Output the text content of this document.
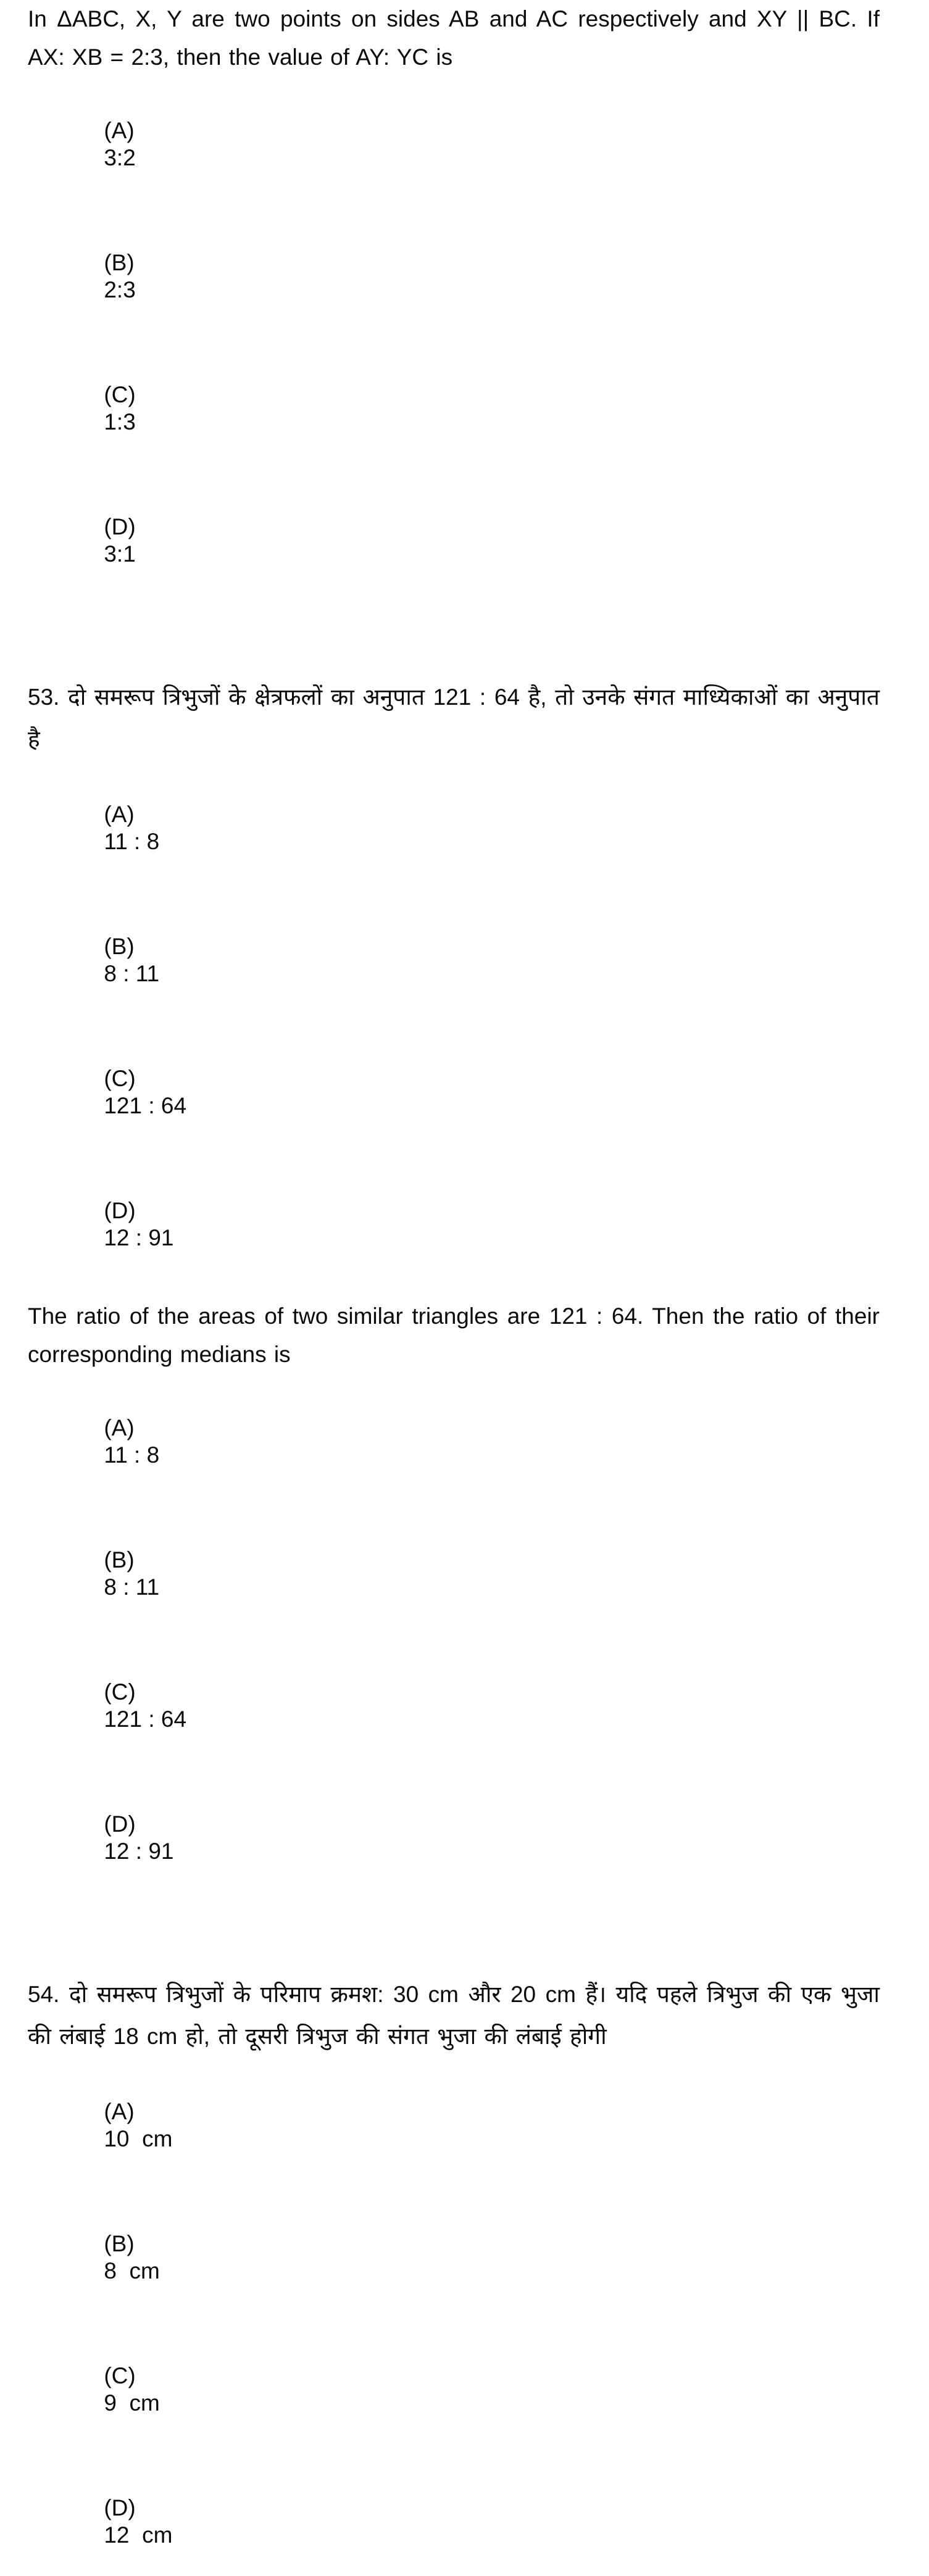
In ΔABC, X, Y are two points on sides AB and AC respectively and XY || BC. If AX: XB = 2:3, then the value of AY: YC is

(A)
3:2

(B)
2:3

(C)
1:3

(D)
3:1

53. दो समरूप त्रिभुजों के क्षेत्रफलों का अनुपात 121 : 64 है, तो उनके संगत माध्यिकाओं का अनुपात है

(A)
11 : 8

(B)
8 : 11

(C)
121 : 64

(D)
12 : 91

The ratio of the areas of two similar triangles are 121 : 64. Then the ratio of their corresponding medians is

(A)
11 : 8

(B)
8 : 11

(C)
121 : 64

(D)
12 : 91

54. दो समरूप त्रिभुजों के परिमाप क्रमश: 30 cm और 20 cm हैं। यदि पहले त्रिभुज की एक भुजा की लंबाई 18 cm हो, तो दूसरी त्रिभुज की संगत भुजा की लंबाई होगी

(A)
10  cm

(B)
8  cm

(C)
9  cm

(D)
12  cm
